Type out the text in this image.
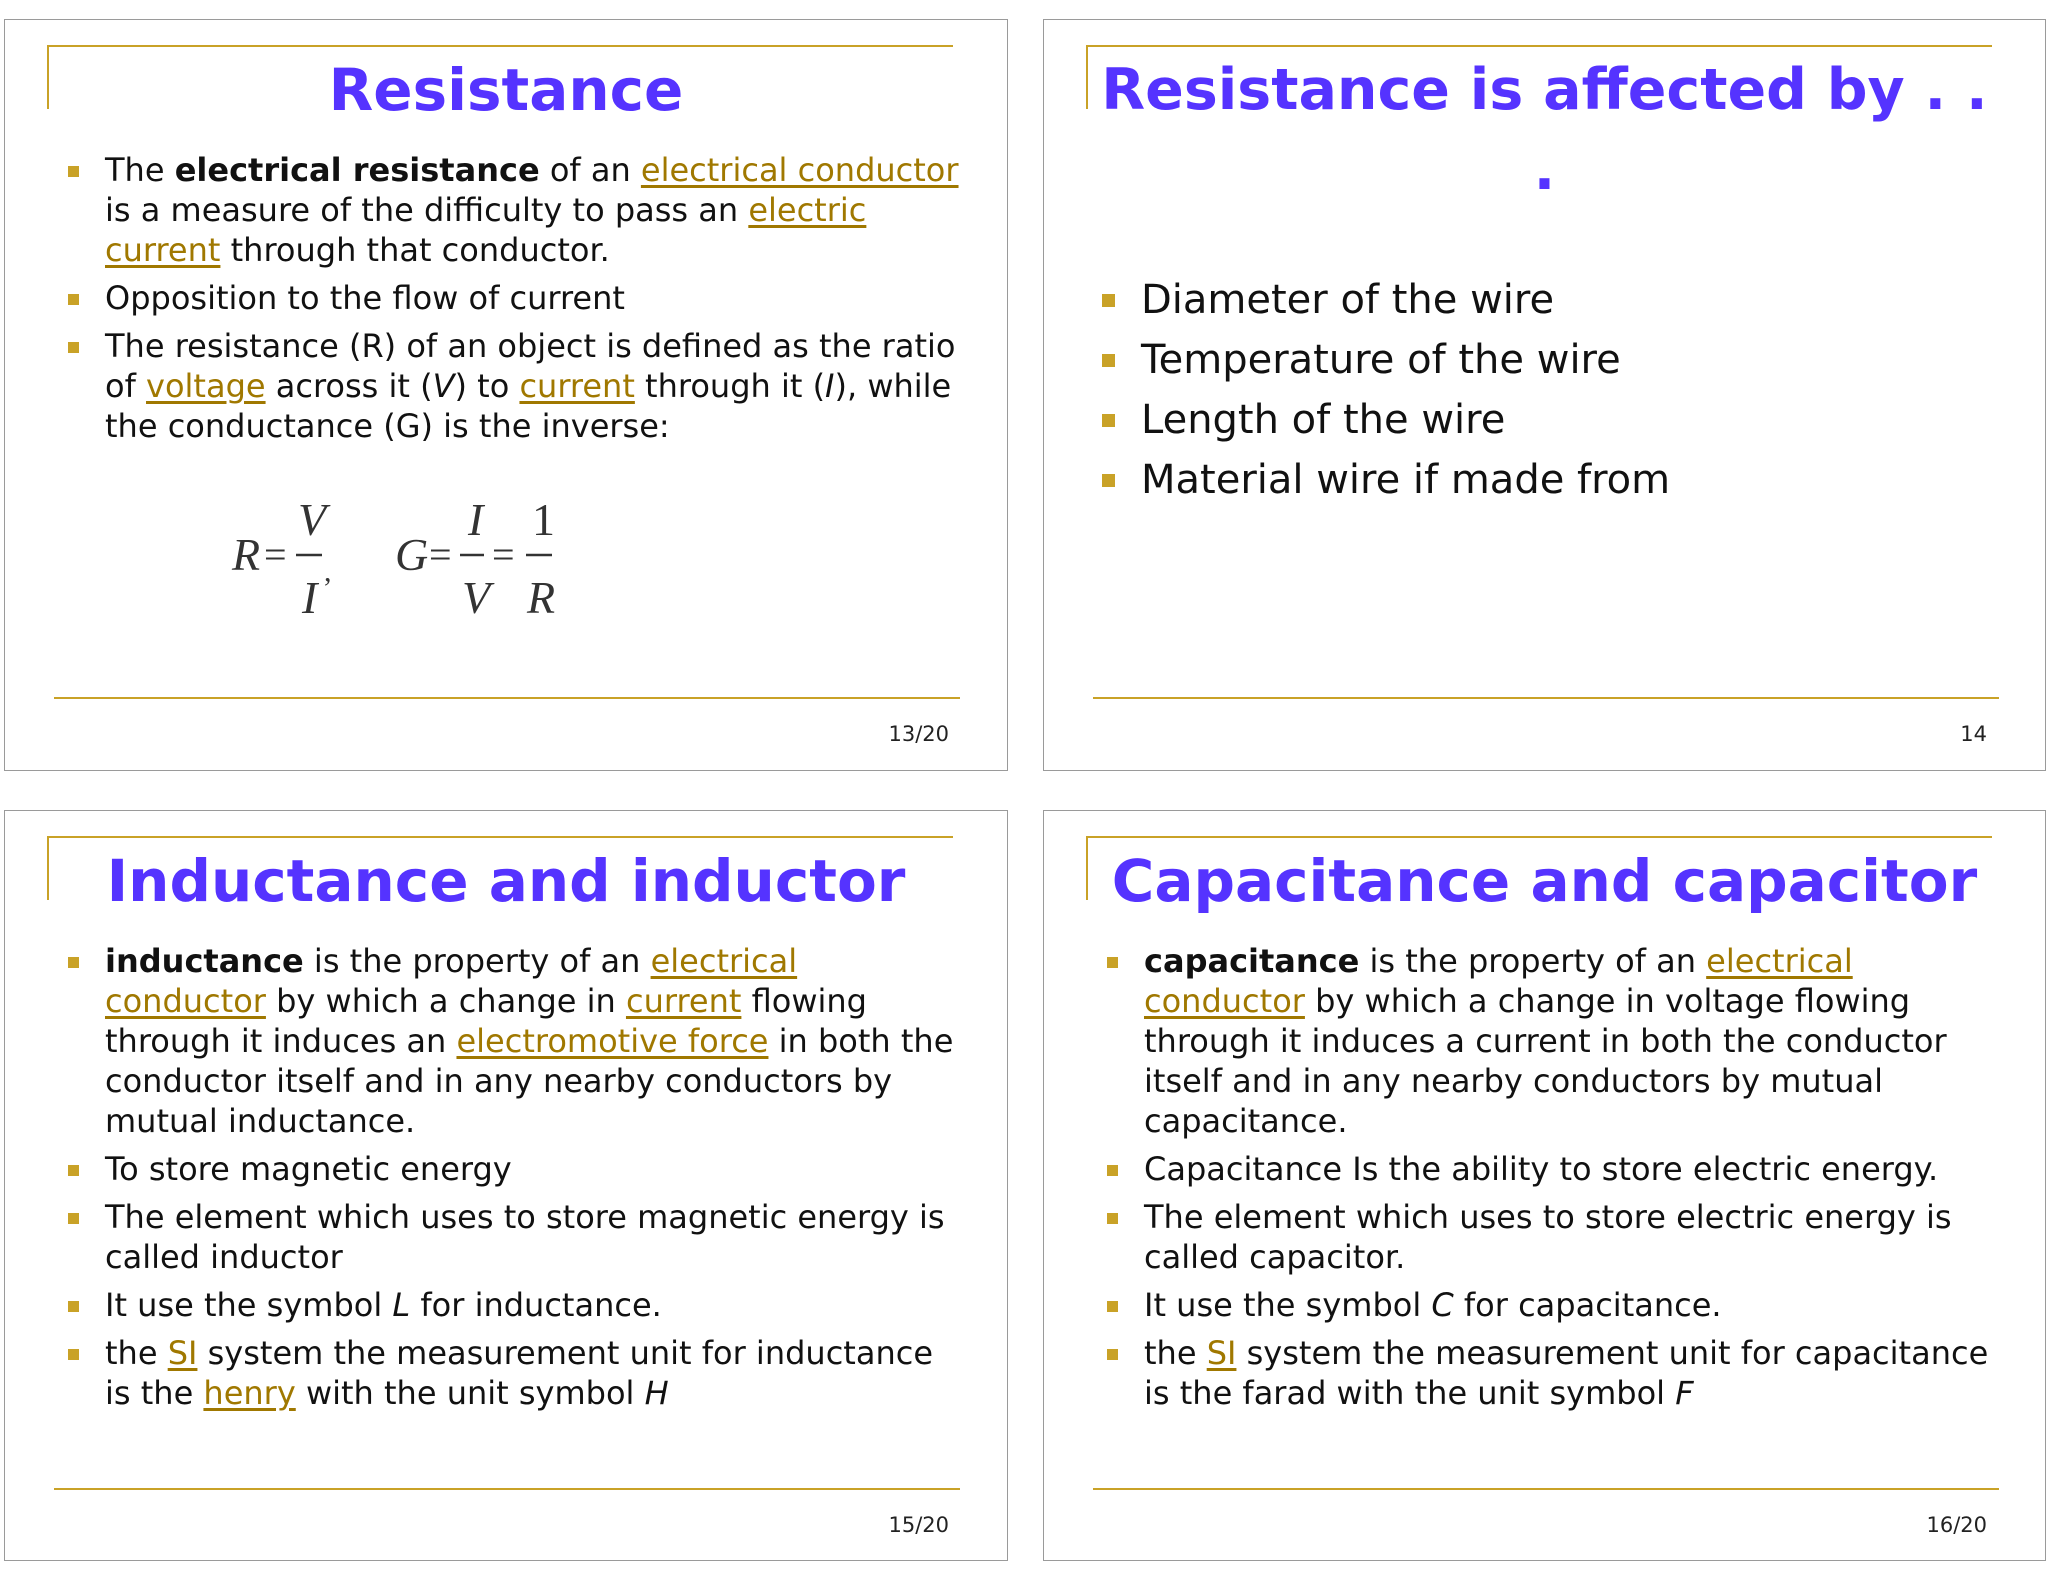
Resistance
The electrical resistance of an electrical conductor is a measure of the difficulty to pass an electric current through that conductor.
Opposition to the flow of current
The resistance (R) of an object is defined as the ratio of voltage across it (V) to current through it (I), while the conductance (G) is the inverse:
R =
V
I
, G =
I
V
=
1
R
13/20
Resistance is affected by . . .
Diameter of the wire
Temperature of the wire
Length of the wire
Material wire if made from
14
Inductance and inductor
inductance is the property of an electrical conductor by which a change in current flowing through it induces an electromotive force in both the conductor itself and in any nearby conductors by mutual inductance.
To store magnetic energy
The element which uses to store magnetic energy is called inductor
It use the symbol L for inductance.
the SI system the measurement unit for inductance is the henry with the unit symbol H
15/20
Capacitance and capacitor
capacitance is the property of an electrical conductor by which a change in voltage flowing through it induces a current in both the conductor itself and in any nearby conductors by mutual capacitance.
Capacitance Is the ability to store electric energy.
The element which uses to store electric energy is called capacitor.
It use the symbol C for capacitance.
the SI system the measurement unit for capacitance is the farad with the unit symbol F
16/20
